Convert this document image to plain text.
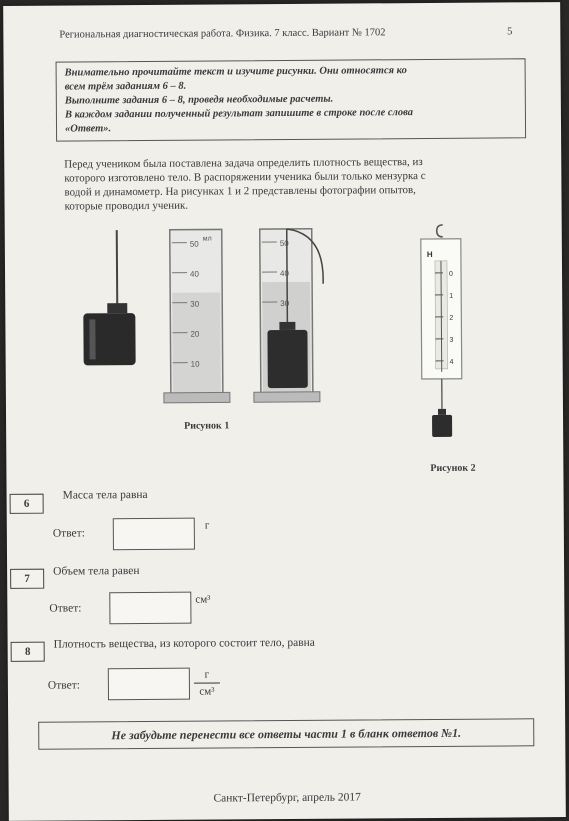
Региональная диагностическая работа. Физика. 7 класс. Вариант № 1702	5
Внимательно прочитайте текст и изучите рисунки. Они относятся ко
всем трём заданиям 6 – 8.
Выполните задания 6 – 8, проведя необходимые расчеты.
В каждом задании полученный результат запишите в строке после слова
«Ответ».
Перед учеником была поставлена задача определить плотность вещества, из
которого изготовлено тело. В распоряжении ученика были только мензурка с
водой и динамометр. На рисунках 1 и 2 представлены фотографии опытов,
которые проводил ученик.
мл
50
40
30
20
10
50
40
30
Рисунок 1
Н
0
1
2
3
4
Рисунок 2
6
Масса тела равна
Ответ:
г
7
Объем тела равен
Ответ:
см³
8
Плотность вещества, из которого состоит тело, равна
Ответ:
г
см³
Не забудьте перенести все ответы части 1 в бланк ответов №1.
Санкт-Петербург, апрель 2017
